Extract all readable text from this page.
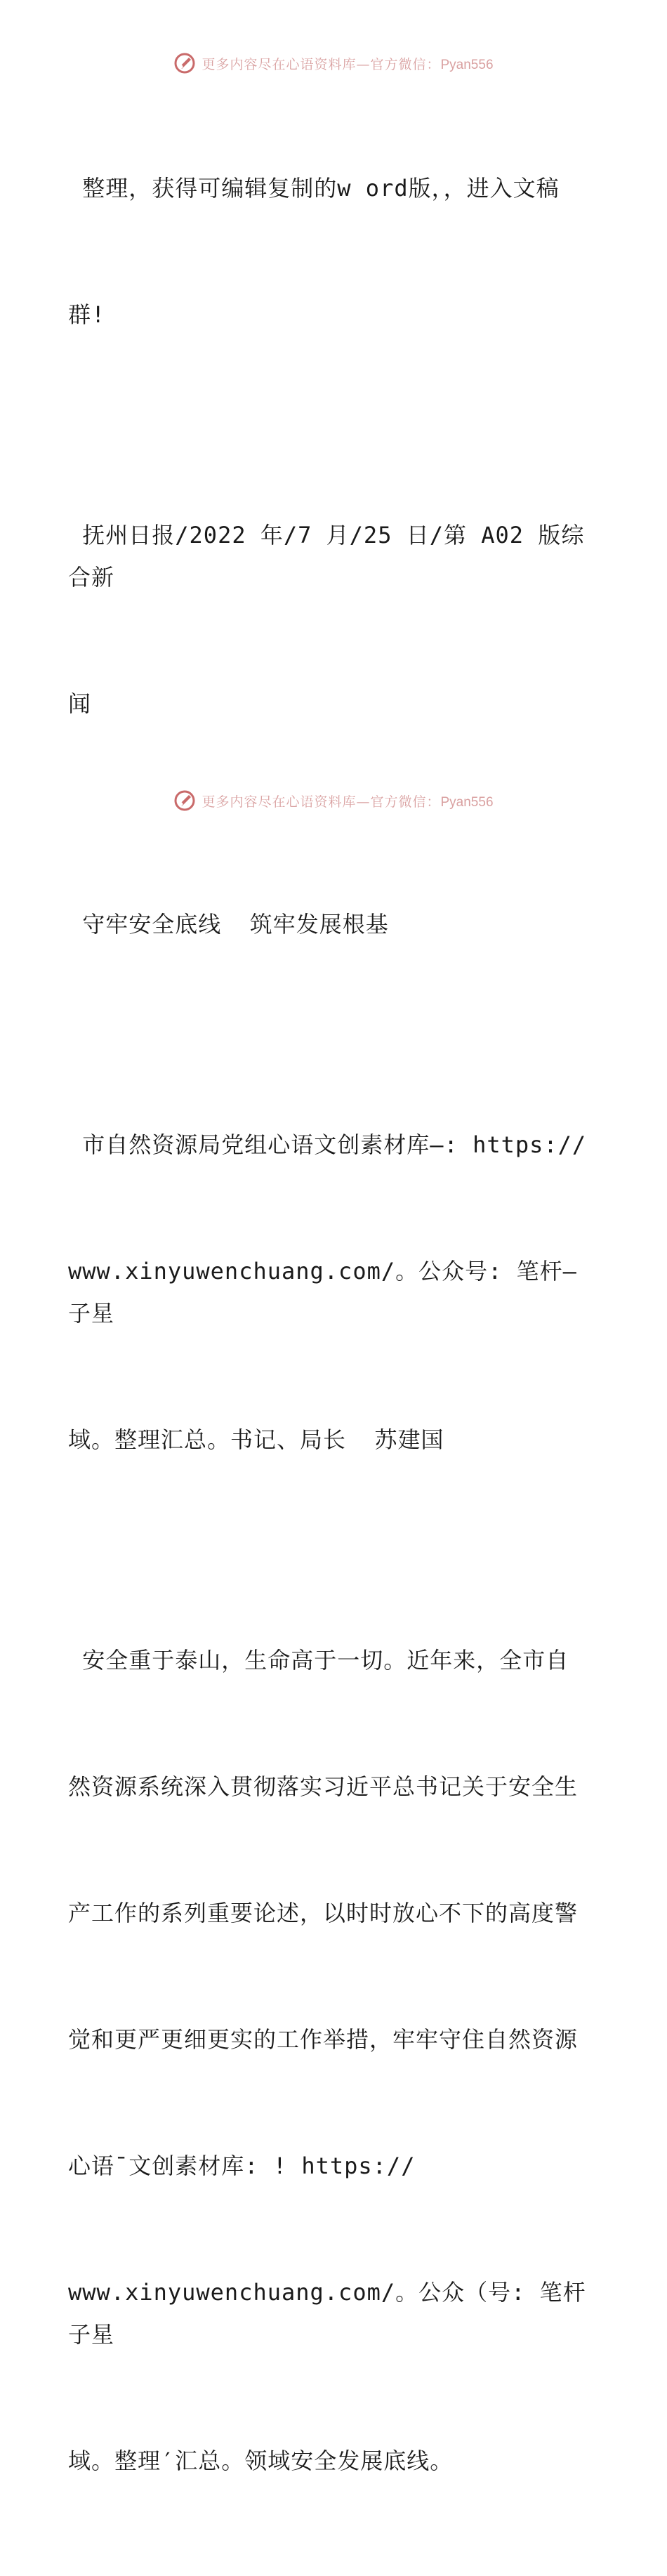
更多内容尽在心语资料库—官方微信：Pyan556

整理，获得可编辑复制的w ord版，，进入文稿

群!

抚州日报/2022 年/7 月/25 日/第 A02 版综合新

闻

守牢安全底线  筑牢发展根基

市自然资源局党组心语文创素材库—: https://

www.xinyuwenchuang.com/。公众号: 笔杆—子星

域。整理汇总。书记、局长  苏建国

安全重于泰山，生命高于一切。近年来，全市自

然资源系统深入贯彻落实习近平总书记关于安全生

产工作的系列重要论述，以时时放心不下的高度警

觉和更严更细更实的工作举措，牢牢守住自然资源

心语¯文创素材库: ! https://

www.xinyuwenchuang.com/。公众（号: 笔杆子星

域。整理′汇总。领域安全发展底线。

更多内容尽在心语资料库—官方微信：Pyan556
